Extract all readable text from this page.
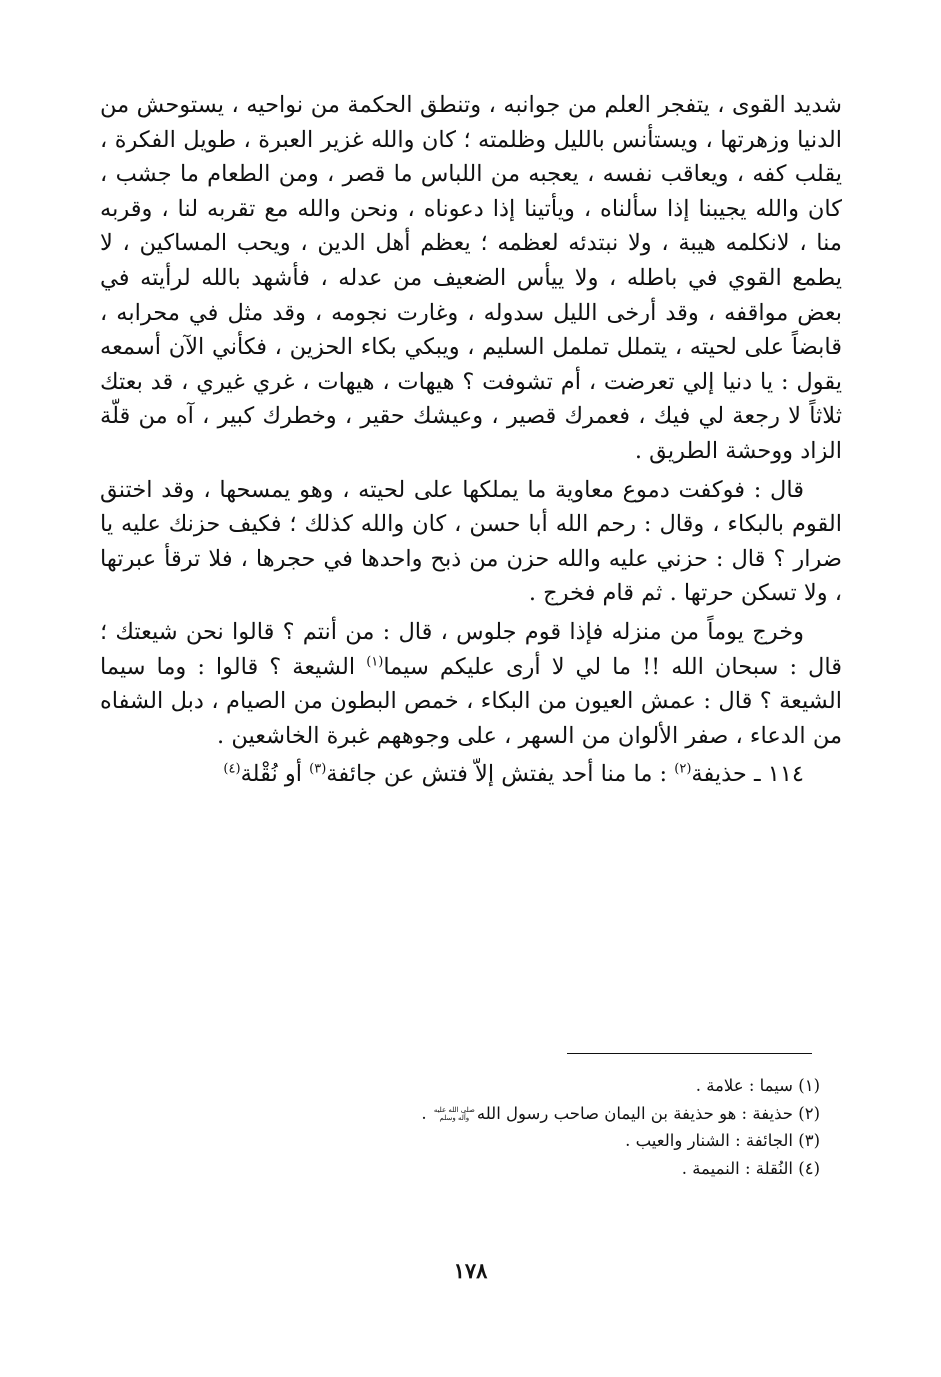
شديد القوى ، يتفجر العلم من جوانبه ، وتنطق الحكمة من نواحيه ، يستوحش من الدنيا وزهرتها ، ويستأنس بالليل وظلمته ؛ كان والله غزير العبرة ، طويل الفكرة ، يقلب كفه ، ويعاقب نفسه ، يعجبه من اللباس ما قصر ، ومن الطعام ما جشب ، كان والله يجيبنا إذا سألناه ، ويأتينا إذا دعوناه ، ونحن والله مع تقربه لنا ، وقربه منا ، لانكلمه هيبة ، ولا نبتدئه لعظمه ؛ يعظم أهل الدين ، ويحب المساكين ، لا يطمع القوي في باطله ، ولا ييأس الضعيف من عدله ، فأشهد بالله لرأيته في بعض مواقفه ، وقد أرخى الليل سدوله ، وغارت نجومه ، وقد مثل في محرابه ، قابضاً على لحيته ، يتملل تململ السليم ، ويبكي بكاء الحزين ، فكأني الآن أسمعه يقول : يا دنيا إلي تعرضت ، أم تشوفت ؟ هيهات ، هيهات ، غري غيري ، قد بعتك ثلاثاً لا رجعة لي فيك ، فعمرك قصير ، وعيشك حقير ، وخطرك كبير ، آه من قلّة الزاد ووحشة الطريق .

قال : فوكفت دموع معاوية ما يملكها على لحيته ، وهو يمسحها ، وقد اختنق القوم بالبكاء ، وقال : رحم الله أبا حسن ، كان والله كذلك ؛ فكيف حزنك عليه يا ضرار ؟ قال : حزني عليه والله حزن من ذبح واحدها في حجرها ، فلا ترقأ عبرتها ، ولا تسكن حرتها . ثم قام فخرج .

وخرج يوماً من منزله فإذا قوم جلوس ، قال : من أنتم ؟ قالوا نحن شيعتك ؛ قال : سبحان الله !! ما لي لا أرى عليكم سيما$^{(١)}$ الشيعة ؟ قالوا : وما سيما الشيعة ؟ قال : عمش العيون من البكاء ، خمص البطون من الصيام ، دبل الشفاه من الدعاء ، صفر الألوان من السهر ، على وجوههم غبرة الخاشعين .

١١٤ ـ حذيفة$^{(٢)}$ : ما منا أحد يفتش إلاّ فتش عن جائفة$^{(٣)}$ أو نُقْلة$^{(٤)}$

(١) سيما : علامة .

(٢) حذيفة : هو حذيفة بن اليمان صاحب رسول اللهصلى الله عليه
وآله وسلم .

(٣) الجائفة : الشنار والعيب .

(٤) النُقلة : النميمة .

١٧٨
